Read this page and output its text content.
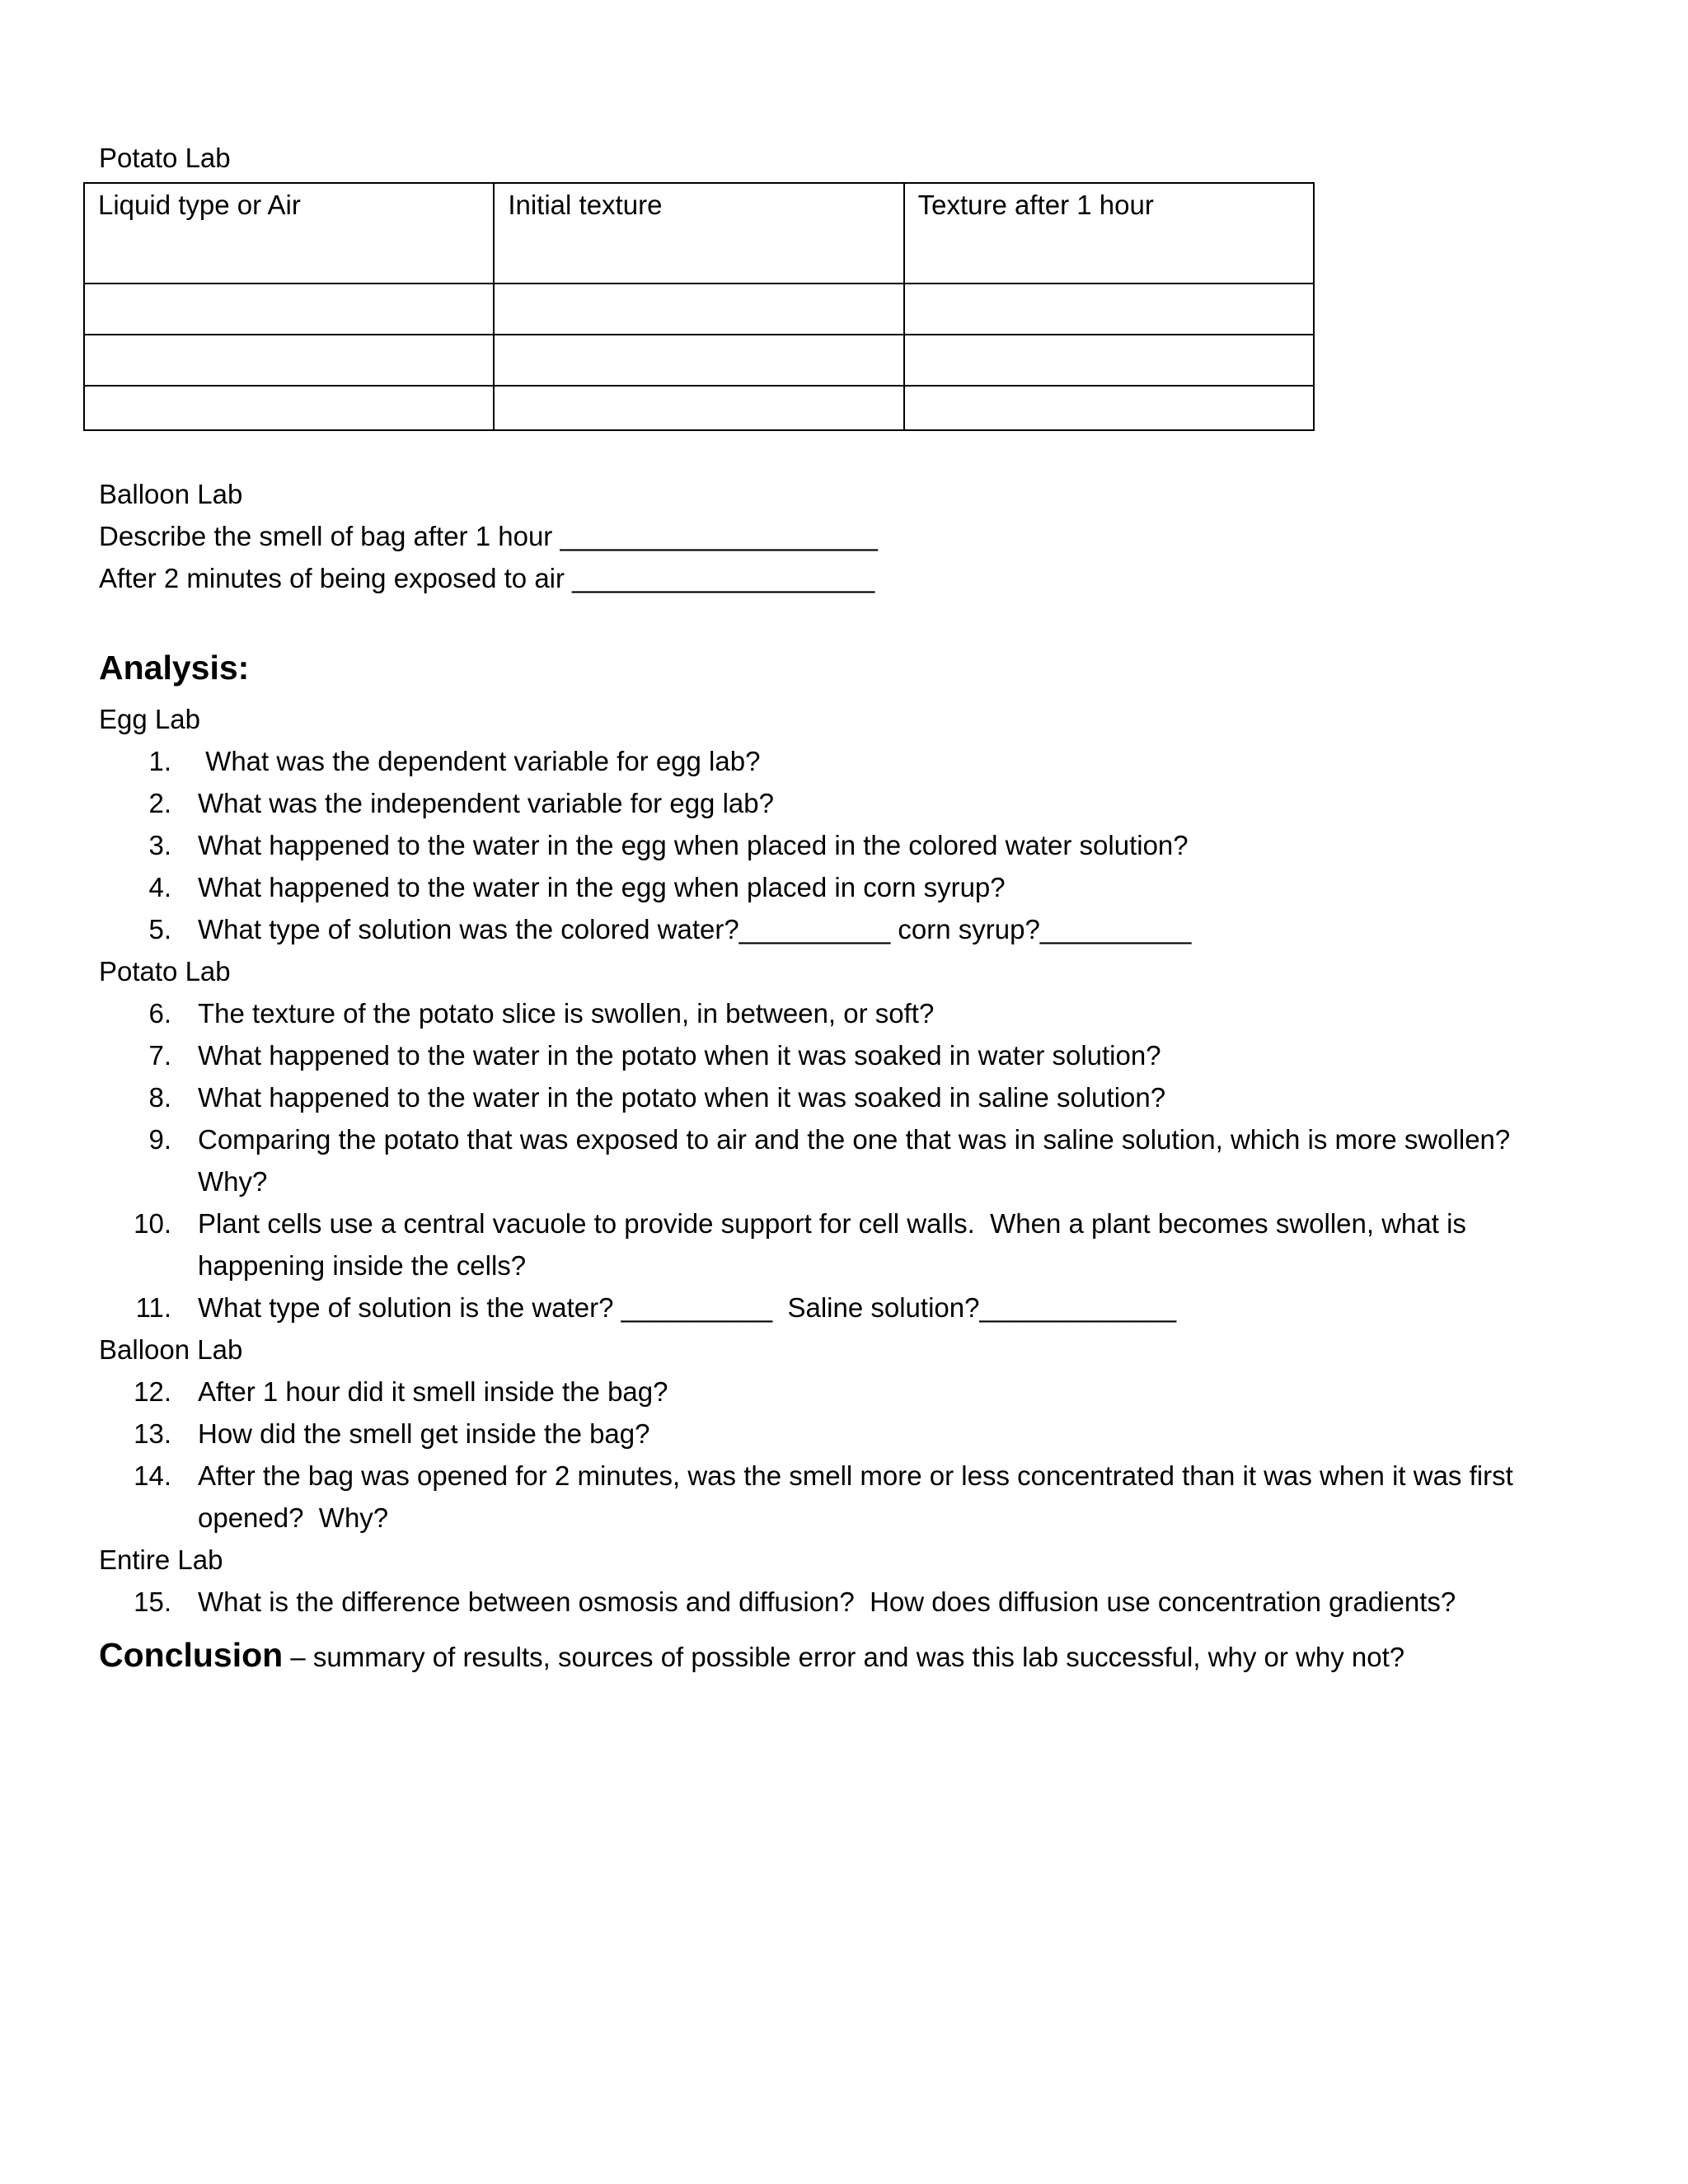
Potato Lab
Liquid type or Air	Initial texture	Texture after 1 hour

Balloon Lab
Describe the smell of bag after 1 hour _____________________
After 2 minutes of being exposed to air ____________________
Analysis:
Egg Lab
1. What was the dependent variable for egg lab?
2. What was the independent variable for egg lab?
3. What happened to the water in the egg when placed in the colored water solution?
4. What happened to the water in the egg when placed in corn syrup?
5. What type of solution was the colored water?__________ corn syrup?__________
Potato Lab
6. The texture of the potato slice is swollen, in between, or soft?
7. What happened to the water in the potato when it was soaked in water solution?
8. What happened to the water in the potato when it was soaked in saline solution?
9. Comparing the potato that was exposed to air and the one that was in saline solution, which is more swollen?
Why?
10. Plant cells use a central vacuole to provide support for cell walls.  When a plant becomes swollen, what is
happening inside the cells?
11. What type of solution is the water? __________  Saline solution?_____________
Balloon Lab
12. After 1 hour did it smell inside the bag?
13. How did the smell get inside the bag?
14. After the bag was opened for 2 minutes, was the smell more or less concentrated than it was when it was first
opened?  Why?
Entire Lab
15. What is the difference between osmosis and diffusion?  How does diffusion use concentration gradients?
Conclusion – summary of results, sources of possible error and was this lab successful, why or why not?
